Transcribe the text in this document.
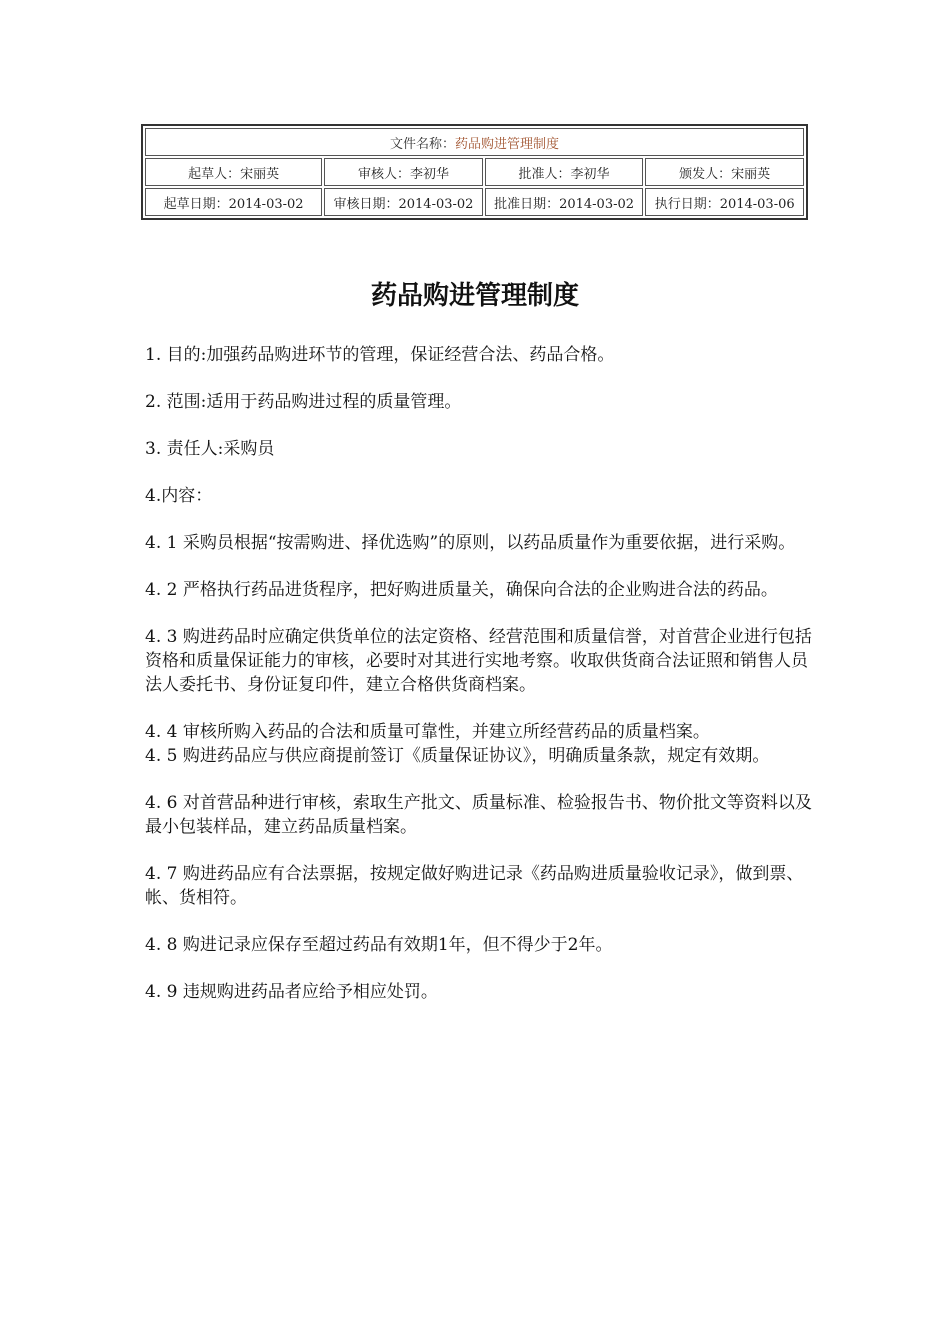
文件名称：药品购进管理制度			
起草人：宋丽英	审核人：李初华	批准人：李初华	颁发人：宋丽英
起草日期：2014-03-02	审核日期：2014-03-02	批准日期：2014-03-02	执行日期：2014-03-06
药品购进管理制度

1. 目的:加强药品购进环节的管理，保证经营合法、药品合格。

2. 范围:适用于药品购进过程的质量管理。

3. 责任人:采购员

4.内容：

4. 1 采购员根据“按需购进、择优选购”的原则，以药品质量作为重要依据，进行采购。

4. 2 严格执行药品进货程序，把好购进质量关，确保向合法的企业购进合法的药品。

4. 3 购进药品时应确定供货单位的法定资格、经营范围和质量信誉，对首营企业进行包括资格和质量保证能力的审核，必要时对其进行实地考察。收取供货商合法证照和销售人员法人委托书、身份证复印件，建立合格供货商档案。

4. 4 审核所购入药品的合法和质量可靠性，并建立所经营药品的质量档案。

4. 5 购进药品应与供应商提前签订《质量保证协议》，明确质量条款，规定有效期。

4. 6 对首营品种进行审核，索取生产批文、质量标准、检验报告书、物价批文等资料以及最小包装样品，建立药品质量档案。

4. 7 购进药品应有合法票据，按规定做好购进记录《药品购进质量验收记录》，做到票、帐、货相符。

4. 8 购进记录应保存至超过药品有效期1年，但不得少于2年。

4. 9 违规购进药品者应给予相应处罚。
